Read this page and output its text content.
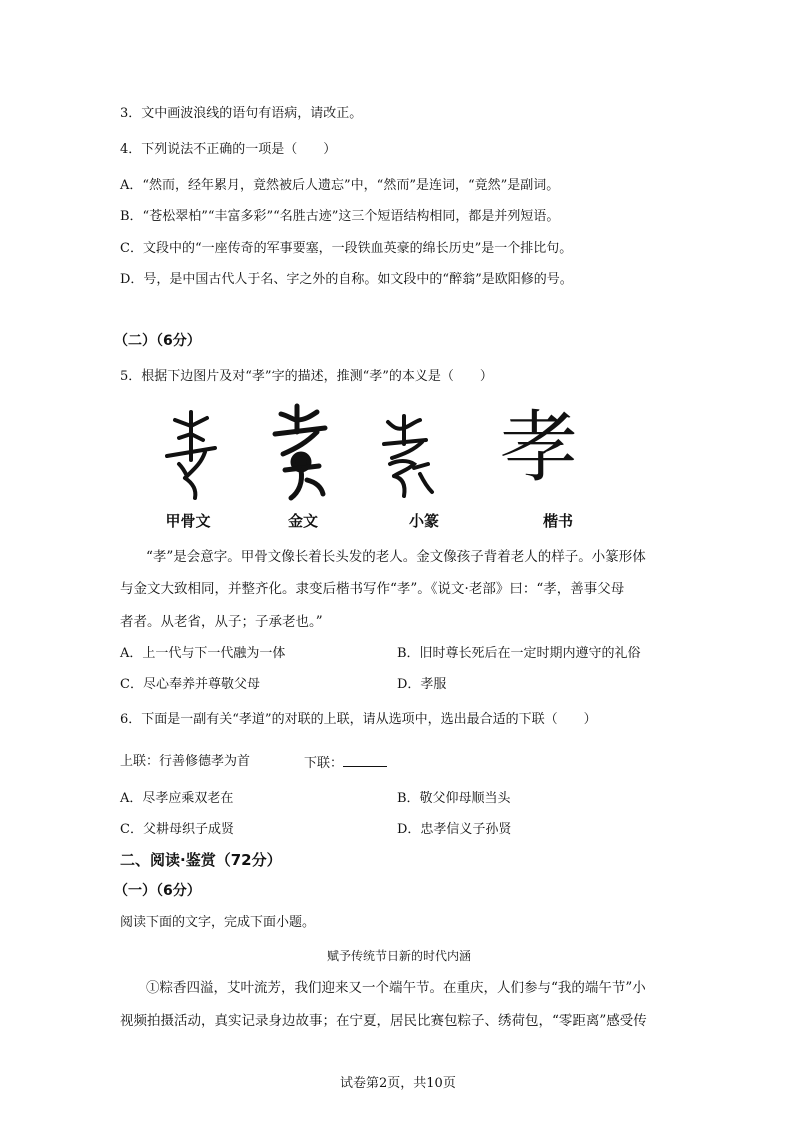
3．文中画波浪线的语句有语病，请改正。
4．下列说法不正确的一项是（　　）
A．“然而，经年累月，竟然被后人遗忘”中，“然而”是连词，“竟然”是副词。
B．“苍松翠柏”“丰富多彩”“名胜古迹”这三个短语结构相同，都是并列短语。
C．文段中的“一座传奇的军事要塞，一段铁血英豪的绵长历史”是一个排比句。
D．号，是中国古代人于名、字之外的自称。如文段中的“醉翁”是欧阳修的号。
（二）（6分）
5．根据下边图片及对“孝”字的描述，推测“孝”的本义是（　　）
孝
甲骨文	金文	小篆	楷书
“孝”是会意字。甲骨文像长着长头发的老人。金文像孩子背着老人的样子。小篆形体
与金文大致相同，并整齐化。隶变后楷书写作“孝”。《说文·老部》曰：“孝，善事父母
者者。从老省，从子；子承老也。”
A．上一代与下一代融为一体	B．旧时尊长死后在一定时期内遵守的礼俗
C．尽心奉养并尊敬父母	D．孝服
6．下面是一副有关“孝道”的对联的上联，请从选项中，选出最合适的下联（　　）
上联：行善修德孝为首	下联：
A．尽孝应乘双老在	B．敬父仰母顺当头
C．父耕母织子成贤	D．忠孝信义子孙贤
二、阅读·鉴赏（72分）
（一）（6分）
阅读下面的文字，完成下面小题。
赋予传统节日新的时代内涵
①粽香四溢，艾叶流芳，我们迎来又一个端午节。在重庆，人们参与“我的端午节”小
视频拍摄活动，真实记录身边故事；在宁夏，居民比赛包粽子、绣荷包，“零距离”感受传
试卷第2页，共10页
